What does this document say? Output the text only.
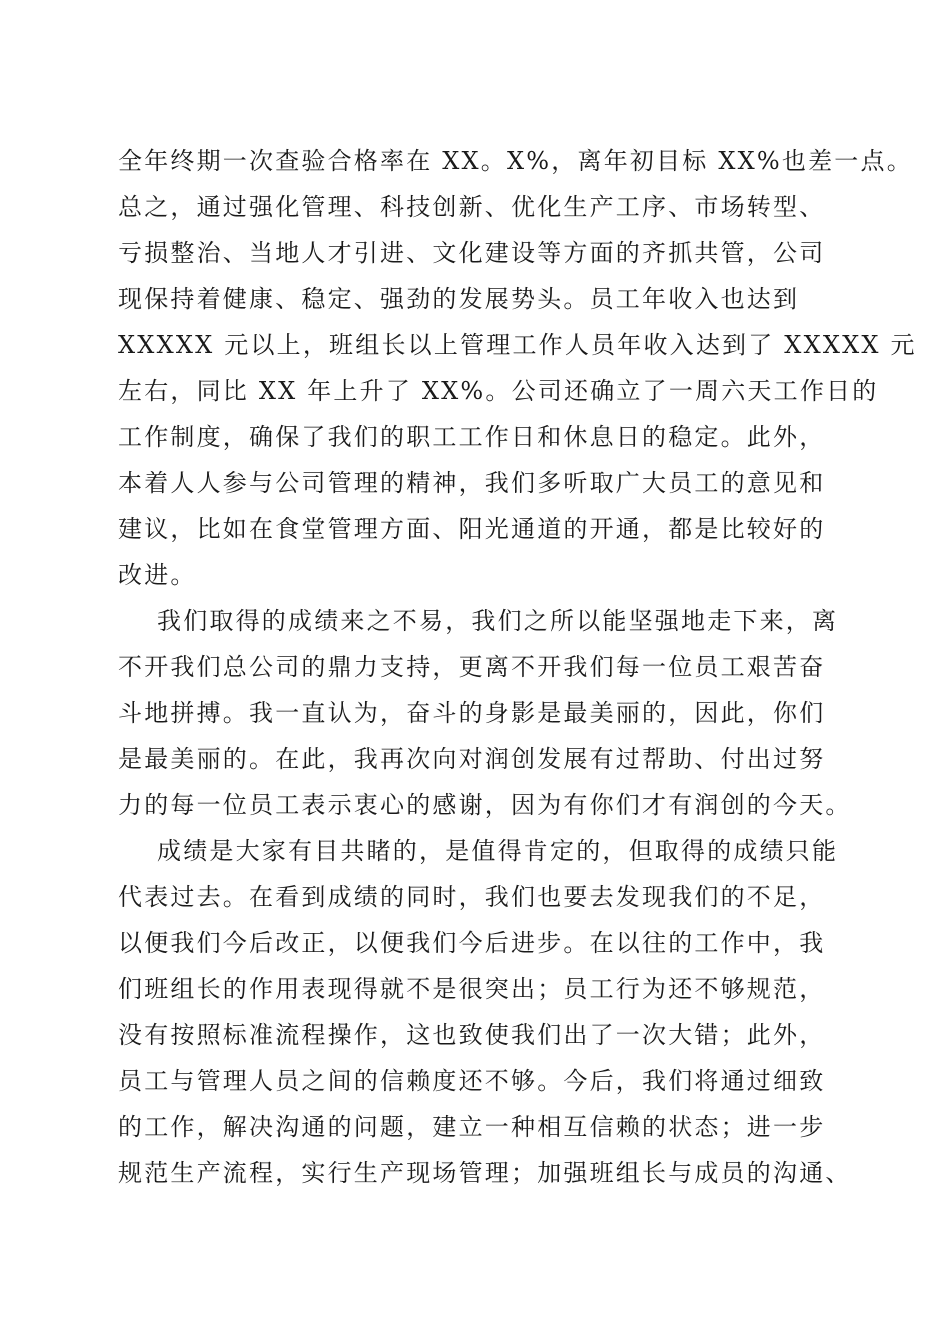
全年终期一次查验合格率在 XX。X%，离年初目标 XX%也差一点。
总之，通过强化管理、科技创新、优化生产工序、市场转型、
亏损整治、当地人才引进、文化建设等方面的齐抓共管，公司
现保持着健康、稳定、强劲的发展势头。员工年收入也达到
XXXXX 元以上，班组长以上管理工作人员年收入达到了 XXXXX 元
左右，同比 XX 年上升了 XX%。公司还确立了一周六天工作日的
工作制度，确保了我们的职工工作日和休息日的稳定。此外，
本着人人参与公司管理的精神，我们多听取广大员工的意见和
建议，比如在食堂管理方面、阳光通道的开通，都是比较好的
改进。
我们取得的成绩来之不易，我们之所以能坚强地走下来，离
不开我们总公司的鼎力支持，更离不开我们每一位员工艰苦奋
斗地拼搏。我一直认为，奋斗的身影是最美丽的，因此，你们
是最美丽的。在此，我再次向对润创发展有过帮助、付出过努
力的每一位员工表示衷心的感谢，因为有你们才有润创的今天。
成绩是大家有目共睹的，是值得肯定的，但取得的成绩只能
代表过去。在看到成绩的同时，我们也要去发现我们的不足，
以便我们今后改正，以便我们今后进步。在以往的工作中，我
们班组长的作用表现得就不是很突出；员工行为还不够规范，
没有按照标准流程操作，这也致使我们出了一次大错；此外，
员工与管理人员之间的信赖度还不够。今后，我们将通过细致
的工作，解决沟通的问题，建立一种相互信赖的状态；进一步
规范生产流程，实行生产现场管理；加强班组长与成员的沟通、
